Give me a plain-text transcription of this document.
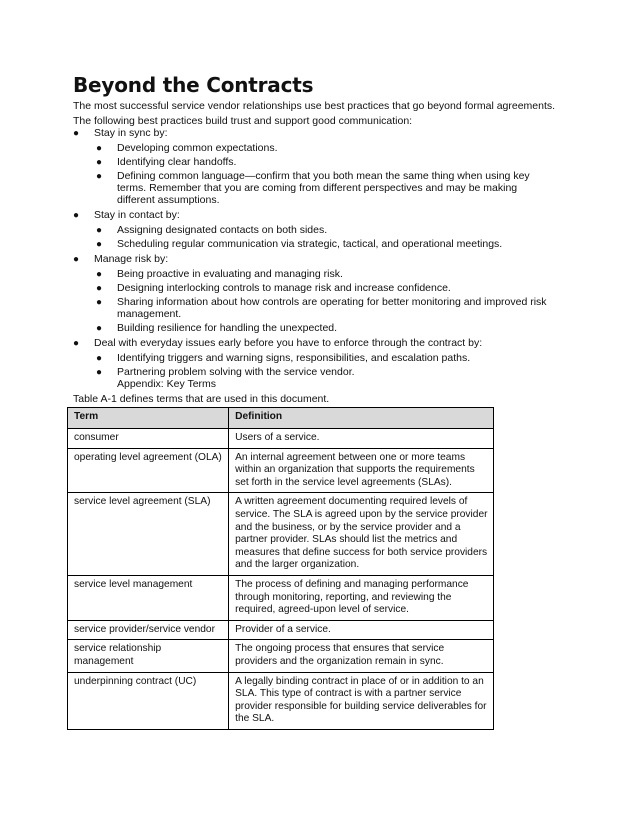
Beyond the Contracts

The most successful service vendor relationships use best practices that go beyond formal agreements.

The following best practices build trust and support good communication:

● Stay in sync by:
● Developing common expectations.
● Identifying clear handoffs.
● Defining common language—confirm that you both mean the same thing when using key terms. Remember that you are coming from different perspectives and may be making different assumptions.
● Stay in contact by:
● Assigning designated contacts on both sides.
● Scheduling regular communication via strategic, tactical, and operational meetings.
● Manage risk by:
● Being proactive in evaluating and managing risk.
● Designing interlocking controls to manage risk and increase confidence.
● Sharing information about how controls are operating for better monitoring and improved risk management.
● Building resilience for handling the unexpected.
● Deal with everyday issues early before you have to enforce through the contract by:
● Identifying triggers and warning signs, responsibilities, and escalation paths.
● Partnering problem solving with the service vendor.
Appendix: Key Terms
Table A-1 defines terms that are used in this document.
Term	Definition
consumer	Users of a service.
operating level agreement (OLA)	An internal agreement between one or more teams within an organization that supports the requirements set forth in the service level agreements (SLAs).
service level agreement (SLA)	A written agreement documenting required levels of service. The SLA is agreed upon by the service provider and the business, or by the service provider and a partner provider. SLAs should list the metrics and measures that define success for both service providers and the larger organization.
service level management	The process of defining and managing performance through monitoring, reporting, and reviewing the required, agreed-upon level of service.
service provider/service vendor	Provider of a service.
service relationship management	The ongoing process that ensures that service providers and the organization remain in sync.
underpinning contract (UC)	A legally binding contract in place of or in addition to an SLA. This type of contract is with a partner service provider responsible for building service deliverables for the SLA.
